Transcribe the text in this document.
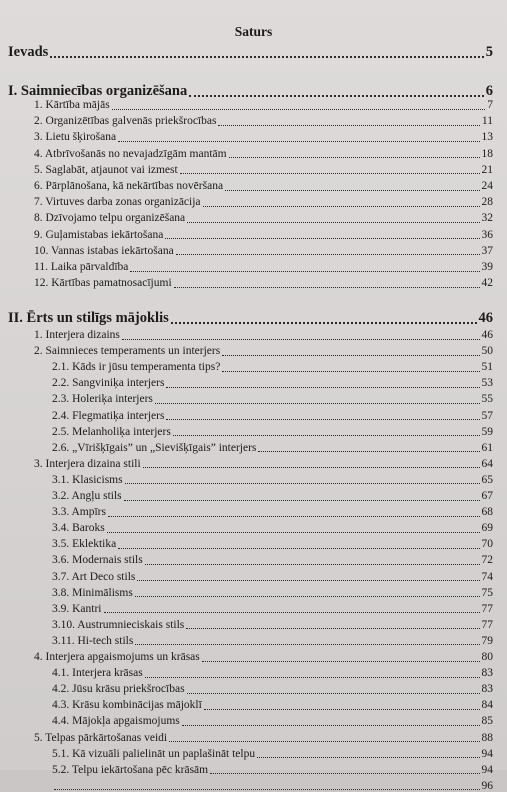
Saturs
Ievads	5
I. Saimniecības organizēšana	6
1. Kārtība mājās	7
2. Organizētības galvenās priekšrocības	11
3. Lietu šķirošana	13
4. Atbrīvošanās no nevajadzīgām mantām	18
5. Saglabāt, atjaunot vai izmest	21
6. Pārplānošana, kā nekārtības novēršana	24
7. Virtuves darba zonas organizācija	28
8. Dzīvojamo telpu organizēšana	32
9. Guļamistabas iekārtošana	36
10. Vannas istabas iekārtošana	37
11. Laika pārvaldība	39
12. Kārtības pamatnosacījumi	42
II. Ērts un stilīgs mājoklis	46
1. Interjera dizains	46
2. Saimnieces temperaments un interjers	50
2.1. Kāds ir jūsu temperamenta tips?	51
2.2. Sangviniķa interjers	53
2.3. Holeriķa interjers	55
2.4. Flegmatiķa interjers	57
2.5. Melanholiķa interjers	59
2.6. „Vīrišķīgais” un „Sievišķīgais” interjers	61
3. Interjera dizaina stili	64
3.1. Klasicisms	65
3.2. Angļu stils	67
3.3. Ampīrs	68
3.4. Baroks	69
3.5. Eklektika	70
3.6. Modernais stils	72
3.7. Art Deco stils	74
3.8. Minimālisms	75
3.9. Kantri	77
3.10. Austrumnieciskais stils	77
3.11. Hi-tech stils	79
4. Interjera apgaismojums un krāsas	80
4.1. Interjera krāsas	83
4.2. Jūsu krāsu priekšrocības	83
4.3. Krāsu kombinācijas mājoklī	84
4.4. Mājokļa apgaismojums	85
5. Telpas pārkārtošanas veidi	88
5.1. Kā vizuāli palielināt un paplašināt telpu	94
5.2. Telpu iekārtošana pēc krāsām	94
96
